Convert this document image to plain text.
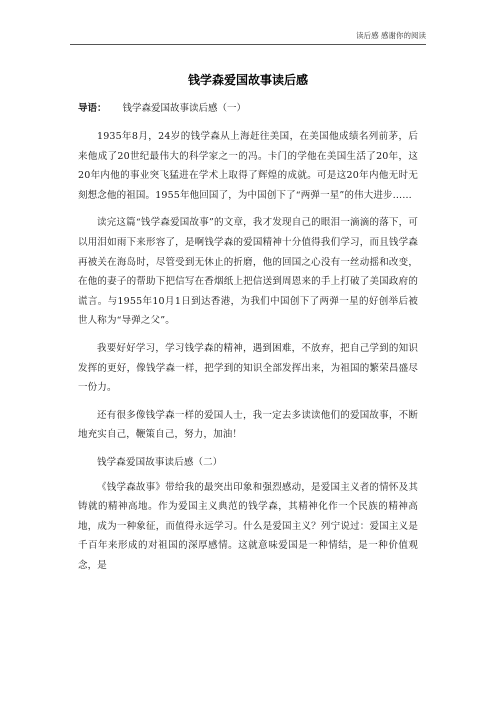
读后感 感谢你的阅读
钱学森爱国故事读后感
导语： 钱学森爱国故事读后感（一）

1935年8月，24岁的钱学森从上海赶往美国，在美国他成绩名列前茅，后来他成了20世纪最伟大的科学家之一的冯。卡门的学他在美国生活了20年，这20年内他的事业突飞猛进在学术上取得了辉煌的成就。可是这20年内他无时无刻想念他的祖国。1955年他回国了，为中国创下了“两弹一星”的伟大进步……

读完这篇“钱学森爱国故事”的文章，我才发现自己的眼泪一滴滴的落下，可以用泪如雨下来形容了，是啊钱学森的爱国精神十分值得我们学习，而且钱学森再被关在海岛时，尽管受到无休止的折磨，他的回国之心没有一丝动摇和改变，在他的妻子的帮助下把信写在香烟纸上把信送到周恩来的手上打破了美国政府的谎言。与1955年10月1日到达香港，为我们中国创下了两弹一星的好创举后被世人称为“导弹之父”。

我要好好学习，学习钱学森的精神，遇到困难，不放弃，把自己学到的知识发挥的更好，像钱学森一样，把学到的知识全部发挥出来，为祖国的繁荣昌盛尽一份力。

还有很多像钱学森一样的爱国人士，我一定去多读读他们的爱国故事，不断地充实自己，鞭策自己，努力，加油！

钱学森爱国故事读后感（二）

《钱学森故事》带给我的最突出印象和强烈感动，是爱国主义者的情怀及其铸就的精神高地。作为爱国主义典范的钱学森，其精神化作一个民族的精神高地，成为一种象征，而值得永远学习。什么是爱国主义？列宁说过：爱国主义是千百年来形成的对祖国的深厚感情。这就意味爱国是一种情结，是一种价值观念，是
